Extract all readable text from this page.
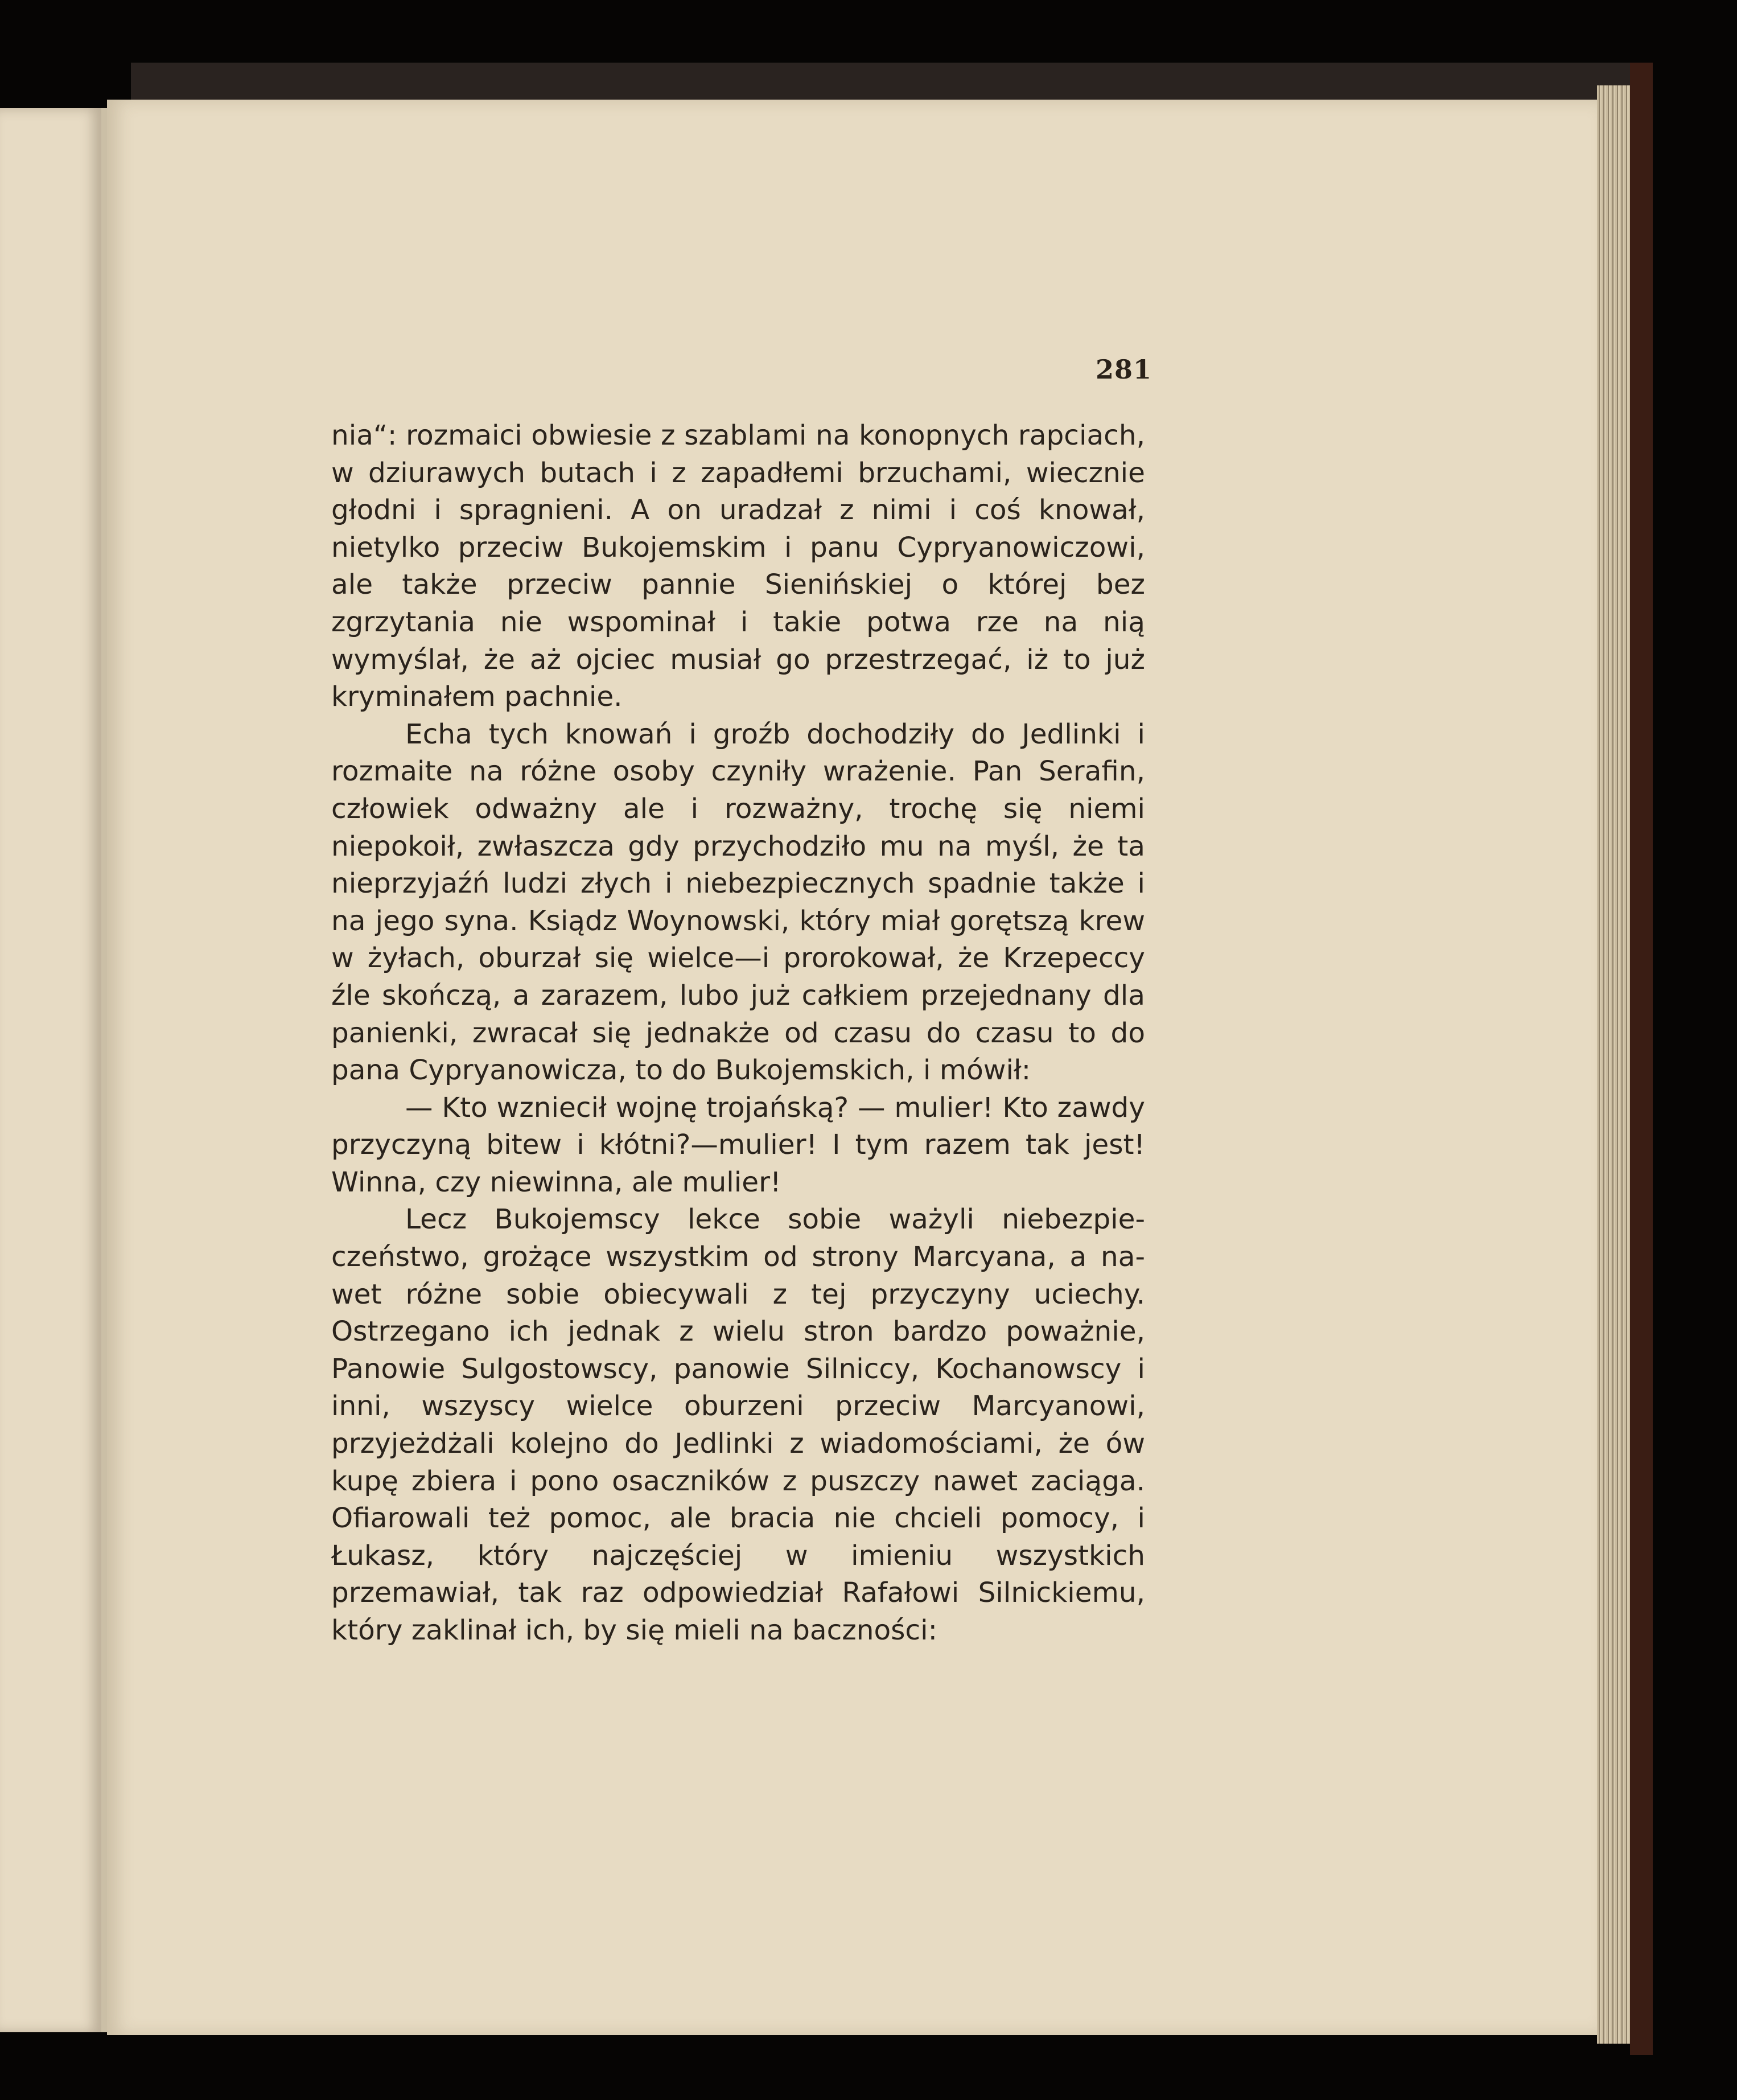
281

nia“: rozmaici obwiesie z szablami na konopnych rapciach, w dziurawych butach i z zapadłemi brzuchami, wiecznie głodni i spragnieni. A on uradzał z nimi i coś knował, nietylko przeciw Bukojemskim i panu Cypryanowiczowi, ale także przeciw pannie Sienińskiej o której bez zgrzytania nie wspominał i takie potwa rze na nią wymyślał, że aż ojciec musiał go przestrzegać, iż to już kryminałem pachnie.

Echa tych knowań i groźb dochodziły do Jedlinki i rozmaite na różne osoby czyniły wrażenie. Pan Serafin, człowiek odważny ale i rozważny, trochę się niemi niepokoił, zwłaszcza gdy przychodziło mu na myśl, że ta nieprzyjaźń ludzi złych i niebezpiecznych spadnie także i na jego syna. Ksiądz Woynowski, który miał gorętszą krew w żyłach, oburzał się wielce—i prorokował, że Krzepeccy źle skończą, a zarazem, lubo już całkiem przejednany dla panienki, zwracał się jednakże od czasu do czasu to do pana Cypryanowicza, to do Bukojemskich, i mówił:

— Kto wzniecił wojnę trojańską? — mulier! Kto zawdy przyczyną bitew i kłótni?—mulier! I tym razem tak jest! Winna, czy niewinna, ale mulier!

Lecz Bukojemscy lekce sobie ważyli niebezpieczeństwo, grożące wszystkim od strony Marcyana, a nawet różne sobie obiecywali z tej przyczyny uciechy. Ostrzegano ich jednak z wielu stron bardzo poważnie, Panowie Sulgostowscy, panowie Silniccy, Kochanowscy i inni, wszyscy wielce oburzeni przeciw Marcyanowi, przyjeżdżali kolejno do Jedlinki z wiadomościami, że ów kupę zbiera i pono osaczników z puszczy nawet zaciąga. Ofiarowali też pomoc, ale bracia nie chcieli pomocy, i Łukasz, który najczęściej w imieniu wszystkich przemawiał, tak raz odpowiedział Rafałowi Silnickiemu, który zaklinał ich, by się mieli na baczności:
